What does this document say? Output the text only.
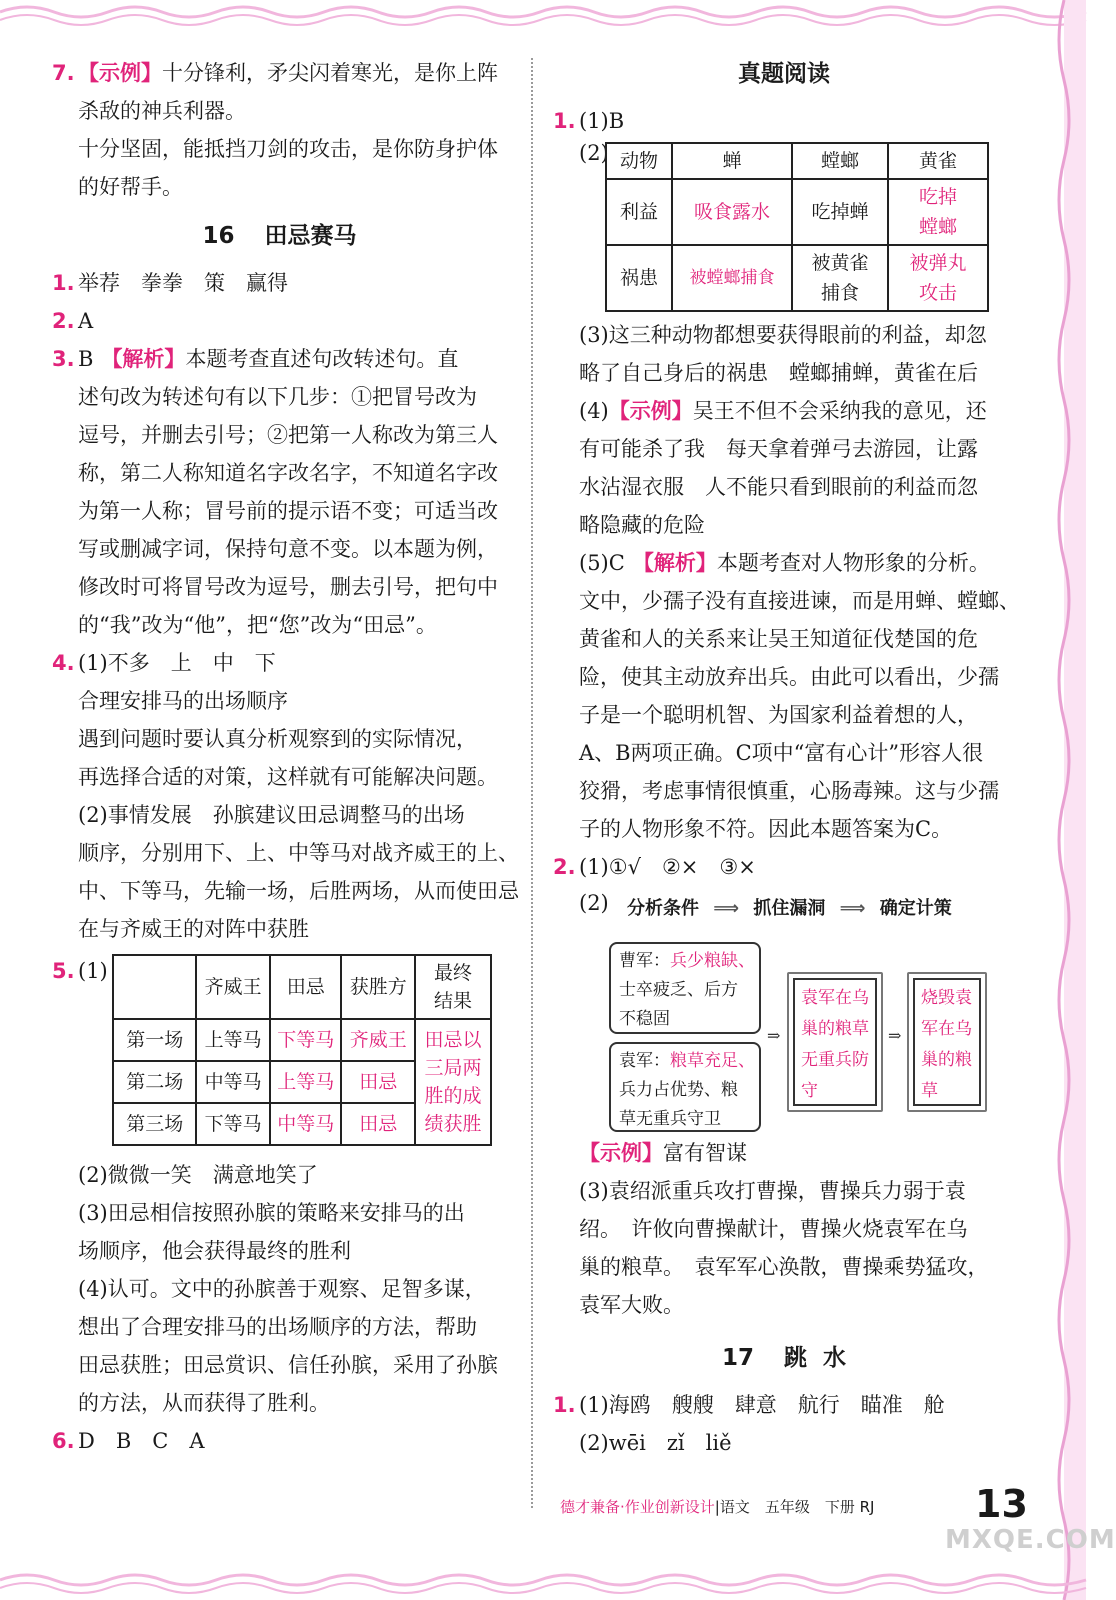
7. 【示例】十分锋利，矛尖闪着寒光，是你上阵
杀敌的神兵利器。
十分坚固，能抵挡刀剑的攻击，是你防身护体
的好帮手。
16 田忌赛马
1. 举荐　拳拳　策　赢得
2. A
3. B 【解析】本题考查直述句改转述句。直
述句改为转述句有以下几步：①把冒号改为
逗号，并删去引号；②把第一人称改为第三人
称，第二人称知道名字改名字，不知道名字改
为第一人称；冒号前的提示语不变；可适当改
写或删减字词，保持句意不变。以本题为例，
修改时可将冒号改为逗号，删去引号，把句中
的“我”改为“他”，把“您”改为“田忌”。
4. (1)不多　上　中　下
合理安排马的出场顺序
遇到问题时要认真分析观察到的实际情况，
再选择合适的对策，这样就有可能解决问题。
(2)事情发展　孙膑建议田忌调整马的出场
顺序，分别用下、上、中等马对战齐威王的上、
中、下等马，先输一场，后胜两场，从而使田忌
在与齐威王的对阵中获胜
5. (1)
	齐威王	田忌	获胜方	最终结果
第一场	上等马	下等马	齐威王	田忌以三局两胜的成绩获胜
第二场	中等马	上等马	田忌	
第三场	下等马	中等马	田忌	
(2)微微一笑　满意地笑了
(3)田忌相信按照孙膑的策略来安排马的出
场顺序，他会获得最终的胜利
(4)认可。文中的孙膑善于观察、足智多谋，
想出了合理安排马的出场顺序的方法，帮助
田忌获胜；田忌赏识、信任孙膑，采用了孙膑
的方法，从而获得了胜利。
6. D　B　C　A
真题阅读
1. (1)B
(2) 动物	蝉	螳螂	黄雀
利益	吸食露水	吃掉蝉	吃掉螳螂
祸患	被螳螂捕食	被黄雀捕食	被弹丸攻击
(3)这三种动物都想要获得眼前的利益，却忽
略了自己身后的祸患　螳螂捕蝉，黄雀在后
(4)【示例】吴王不但不会采纳我的意见，还
有可能杀了我　每天拿着弹弓去游园，让露
水沾湿衣服　人不能只看到眼前的利益而忽
略隐藏的危险
(5)C 【解析】本题考查对人物形象的分析。
文中，少孺子没有直接进谏，而是用蝉、螳螂、
黄雀和人的关系来让吴王知道征伐楚国的危
险，使其主动放弃出兵。由此可以看出，少孺
子是一个聪明机智、为国家利益着想的人，
A、B两项正确。C项中“富有心计”形容人很
狡猾，考虑事情很慎重，心肠毒辣。这与少孺
子的人物形象不符。因此本题答案为C。
2. (1)①√　②×　③×
(2) 分析条件 ⟹ 抓住漏洞 ⟹ 确定计策
曹军：兵少粮缺、
士卒疲乏、后方
不稳固
袁军：粮草充足、
兵力占优势、粮
草无重兵守卫
⇒
袁军在乌
巢的粮草
无重兵防
守
⇒
烧毁袁
军在乌
巢的粮
草
【示例】富有智谋
(3)袁绍派重兵攻打曹操，曹操兵力弱于袁
绍。　许攸向曹操献计，曹操火烧袁军在乌
巢的粮草。　袁军军心涣散，曹操乘势猛攻，
袁军大败。
17 跳 水
1. (1)海鸥　艘艘　肆意　航行　瞄准　舱
(2)wēi　zǐ　liě
德才兼备·作业创新设计|语文　五年级　下册 RJ	13
MXQE.COM
